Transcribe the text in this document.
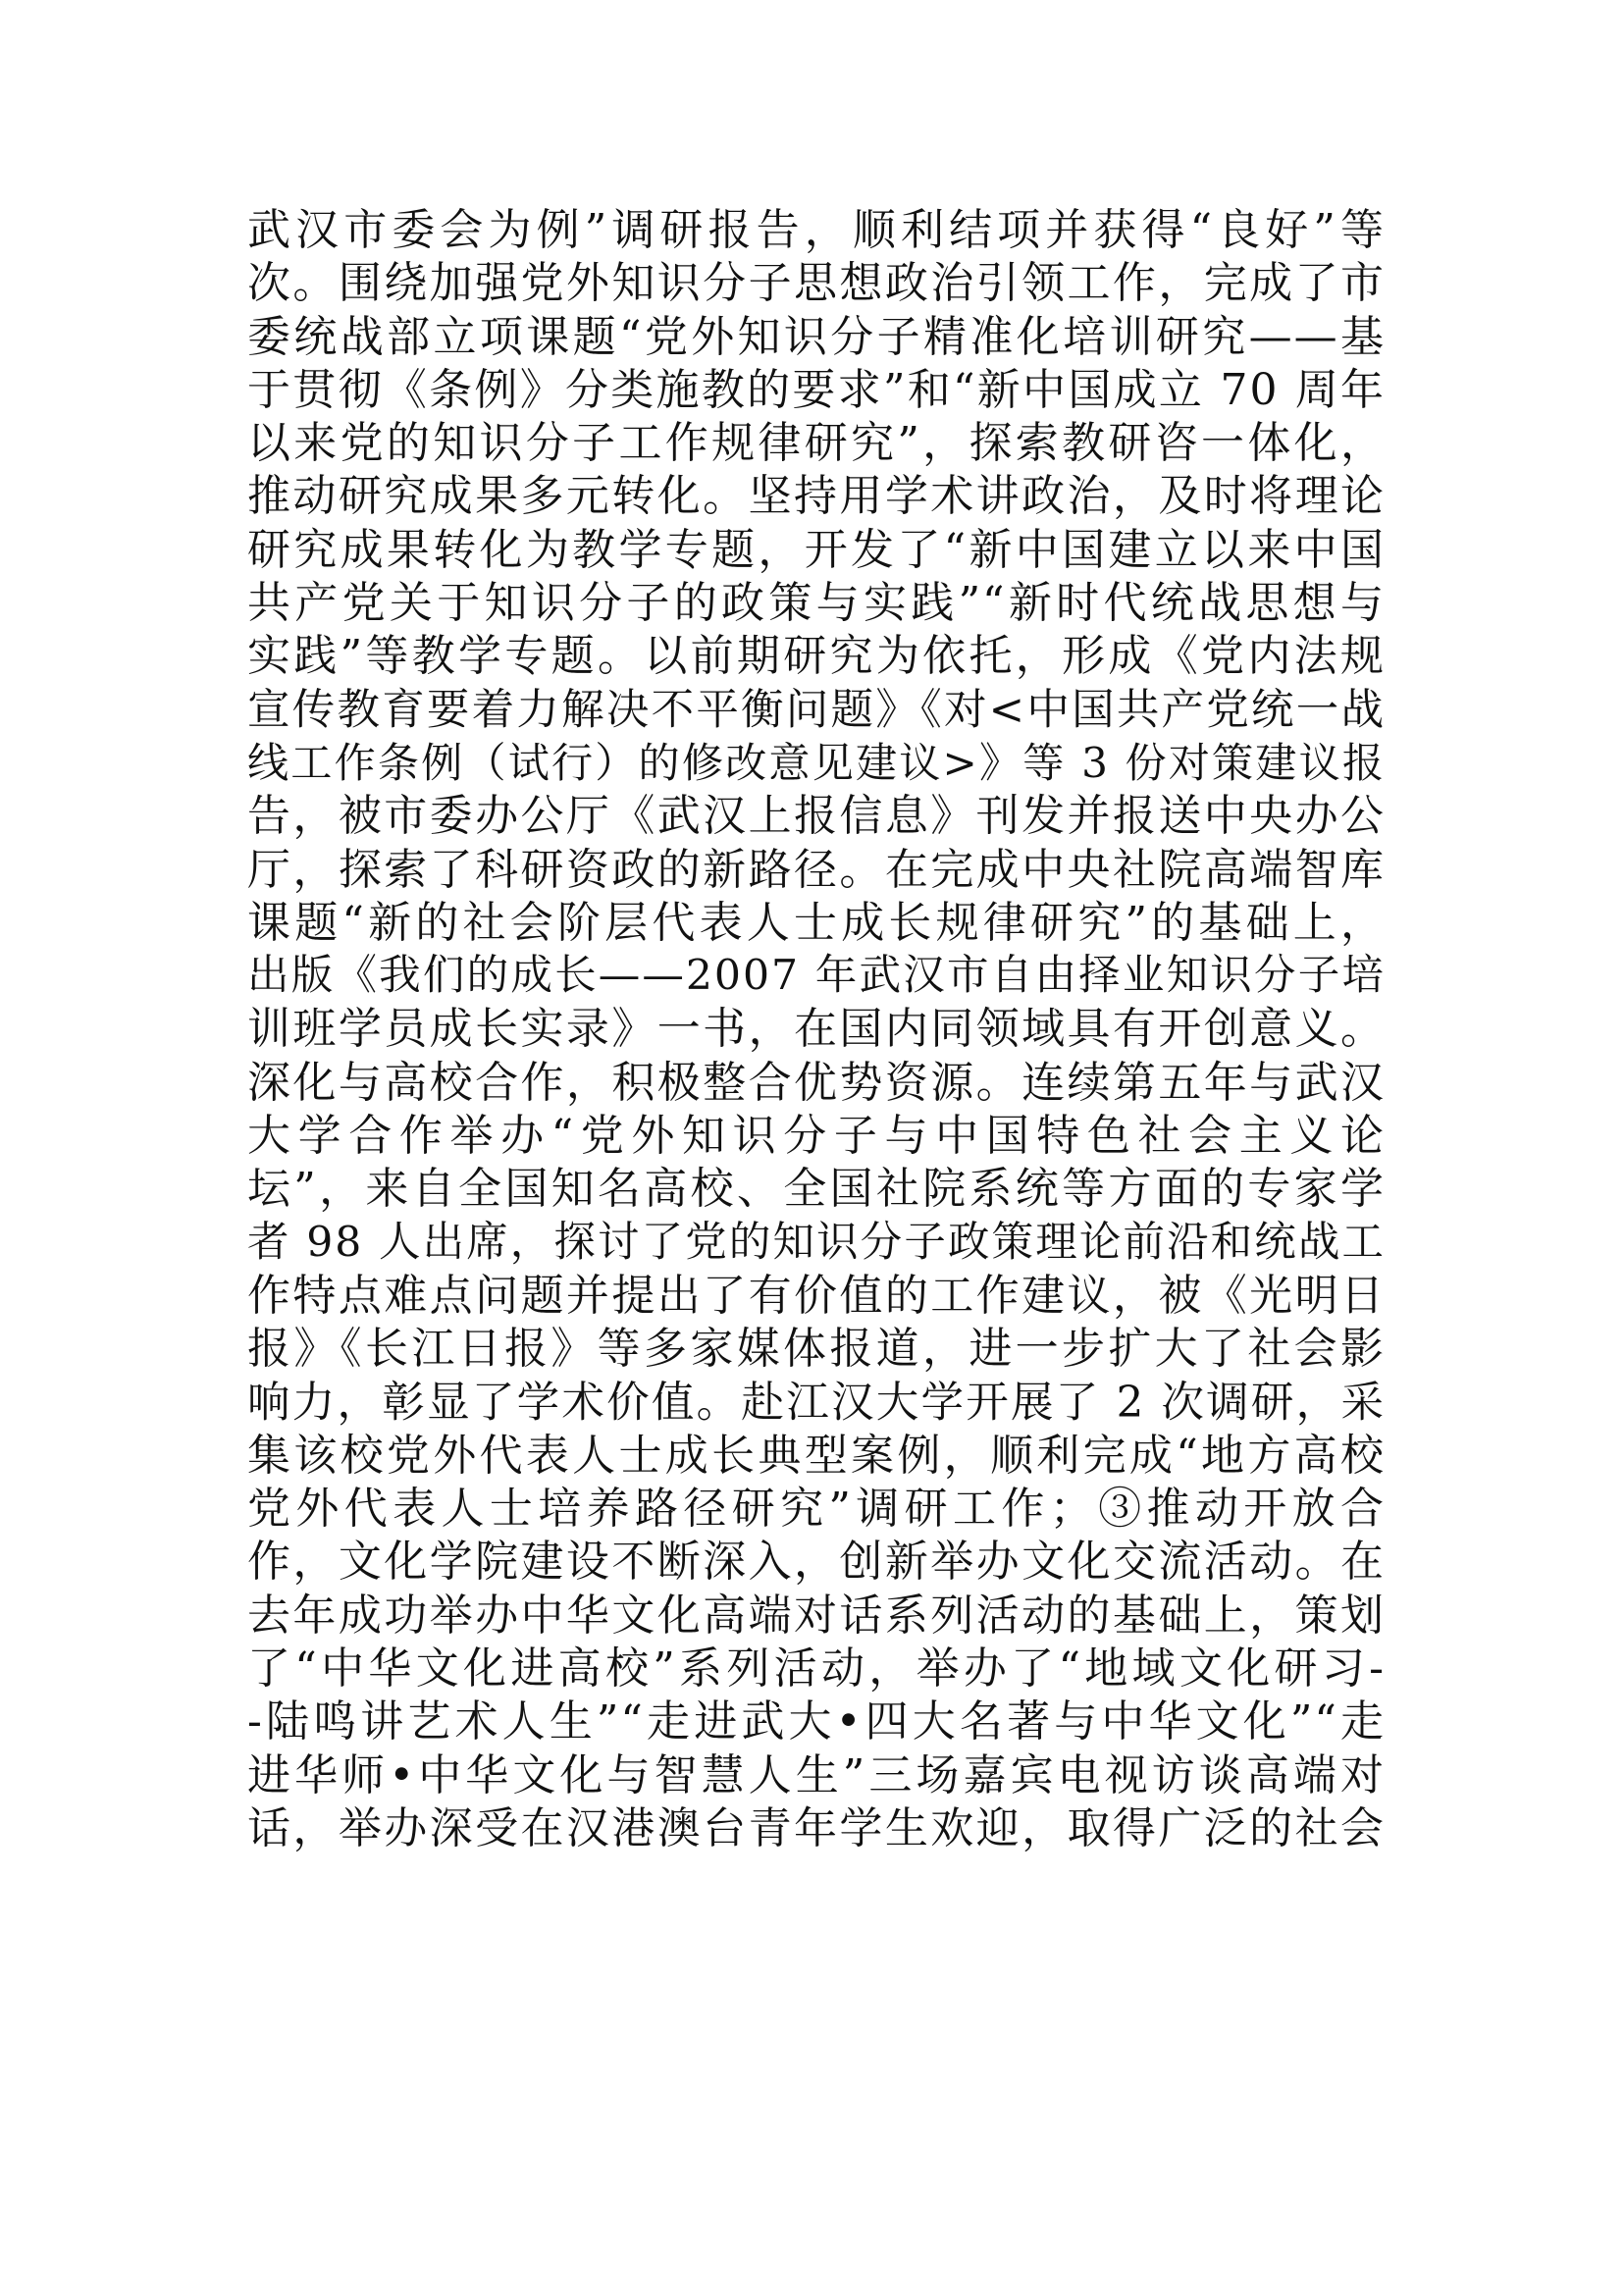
武汉市委会为例”调研报告，顺利结项并获得“良好”等
次。围绕加强党外知识分子思想政治引领工作，完成了市
委统战部立项课题“党外知识分子精准化培训研究——基
于贯彻《条例》分类施教的要求”和“新中国成立 70 周年
以来党的知识分子工作规律研究”，探索教研咨一体化，
推动研究成果多元转化。坚持用学术讲政治，及时将理论
研究成果转化为教学专题，开发了“新中国建立以来中国
共产党关于知识分子的政策与实践”“新时代统战思想与
实践”等教学专题。以前期研究为依托，形成《党内法规
宣传教育要着力解决不平衡问题》《对<中国共产党统一战
线工作条例（试行）的修改意见建议>》等 3 份对策建议报
告，被市委办公厅《武汉上报信息》刊发并报送中央办公
厅，探索了科研资政的新路径。在完成中央社院高端智库
课题“新的社会阶层代表人士成长规律研究”的基础上，
出版《我们的成长——2007 年武汉市自由择业知识分子培
训班学员成长实录》一书，在国内同领域具有开创意义。
深化与高校合作，积极整合优势资源。连续第五年与武汉
大学合作举办“党外知识分子与中国特色社会主义论
坛”，来自全国知名高校、全国社院系统等方面的专家学
者 98 人出席，探讨了党的知识分子政策理论前沿和统战工
作特点难点问题并提出了有价值的工作建议，被《光明日
报》《长江日报》等多家媒体报道，进一步扩大了社会影
响力，彰显了学术价值。赴江汉大学开展了 2 次调研，采
集该校党外代表人士成长典型案例，顺利完成“地方高校
党外代表人士培养路径研究”调研工作；③推动开放合
作，文化学院建设不断深入，创新举办文化交流活动。在
去年成功举办中华文化高端对话系列活动的基础上，策划
了“中华文化进高校”系列活动，举办了“地域文化研习-
-陆鸣讲艺术人生”“走进武大•四大名著与中华文化”“走
进华师•中华文化与智慧人生”三场嘉宾电视访谈高端对
话，举办深受在汉港澳台青年学生欢迎，取得广泛的社会
